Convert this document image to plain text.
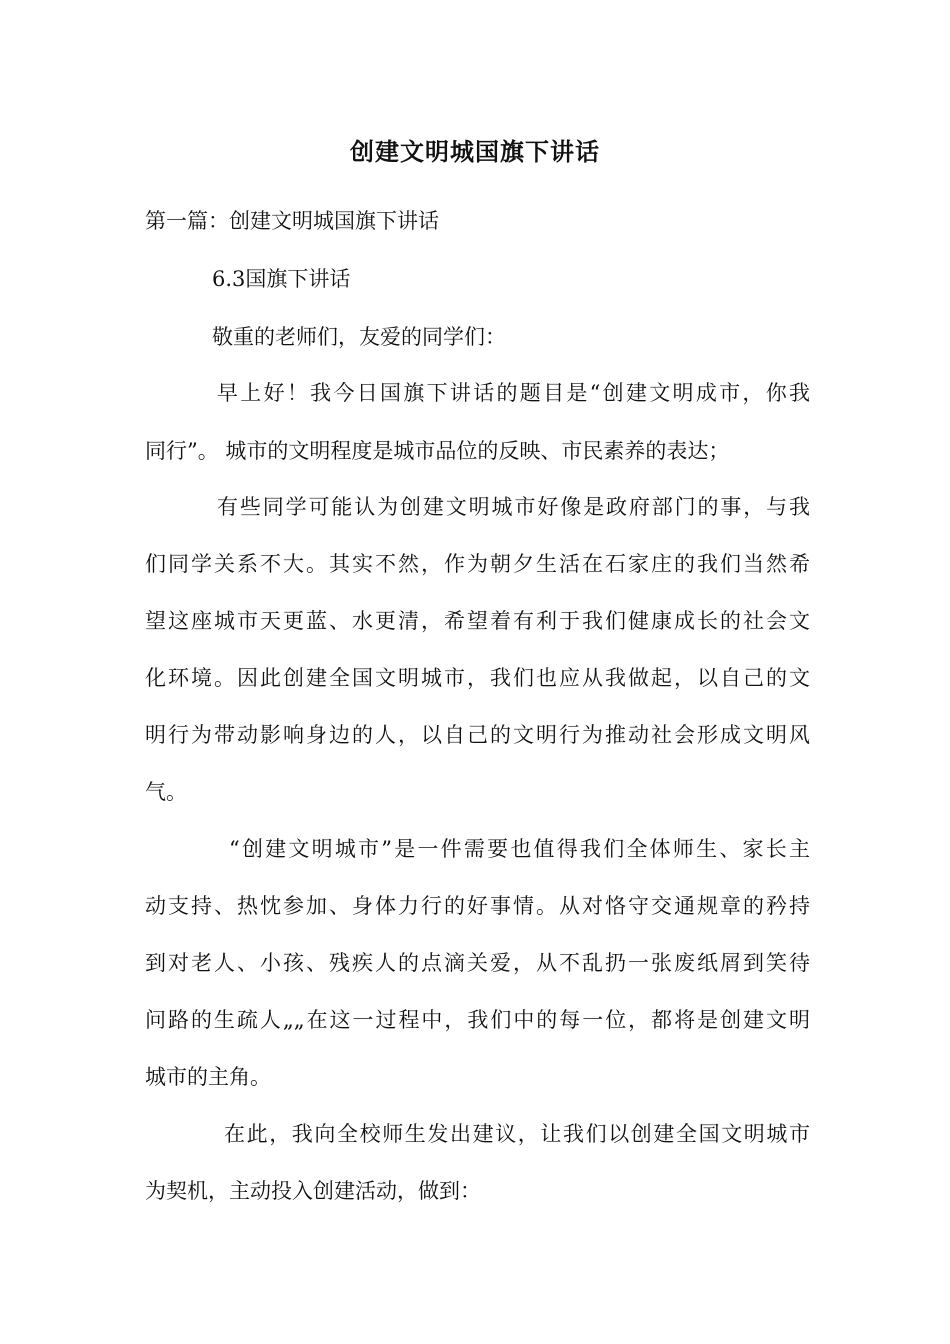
创建文明城国旗下讲话
第一篇：创建文明城国旗下讲话
6.3国旗下讲话
敬重的老师们，友爱的同学们：
早上好！我今日国旗下讲话的题目是“创建文明成市，你我
同行”。 城市的文明程度是城市品位的反映、市民素养的表达；
有些同学可能认为创建文明城市好像是政府部门的事，与我
们同学关系不大。其实不然，作为朝夕生活在石家庄的我们当然希
望这座城市天更蓝、水更清，希望着有利于我们健康成长的社会文
化环境。因此创建全国文明城市，我们也应从我做起，以自己的文
明行为带动影响身边的人，以自己的文明行为推动社会形成文明风
气。
“创建文明城市”是一件需要也值得我们全体师生、家长主
动支持、热忱参加、身体力行的好事情。从对恪守交通规章的矜持
到对老人、小孩、残疾人的点滴关爱，从不乱扔一张废纸屑到笑待
问路的生疏人„„在这一过程中，我们中的每一位，都将是创建文明
城市的主角。
在此，我向全校师生发出建议，让我们以创建全国文明城市
为契机，主动投入创建活动，做到：
